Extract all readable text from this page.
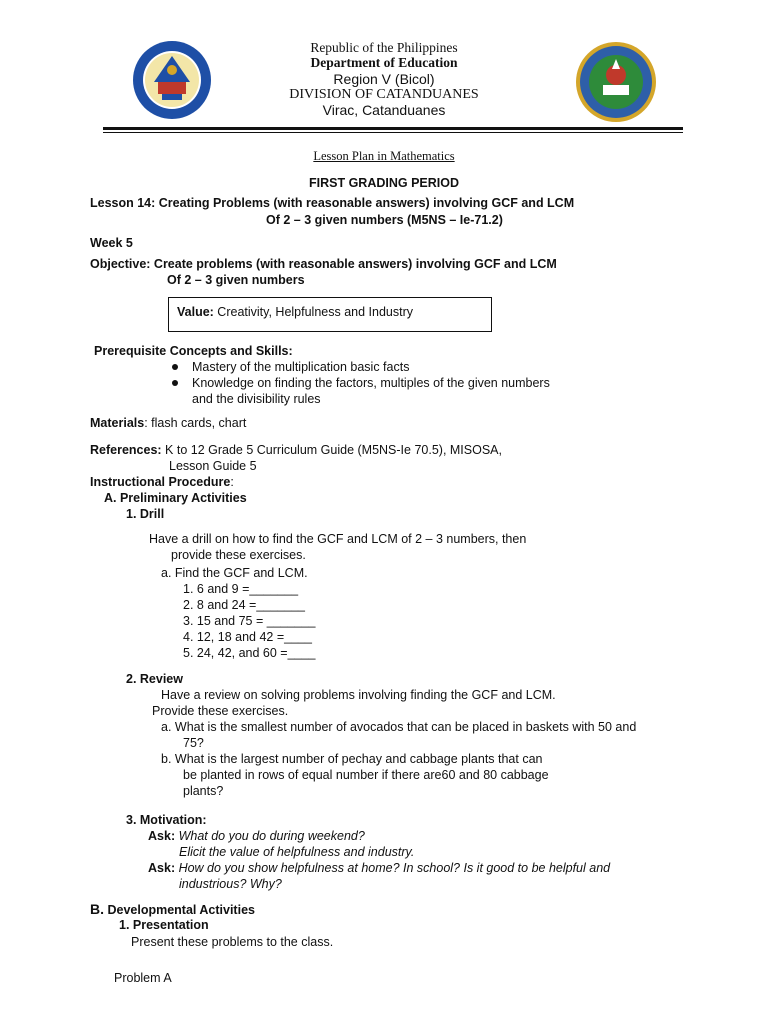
Republic of the Philippines
Department of Education
Region V (Bicol)
DIVISION OF CATANDUANES
Virac, Catanduanes
Lesson Plan in Mathematics
FIRST GRADING PERIOD
Lesson 14: Creating Problems (with reasonable answers) involving GCF and LCM
Of 2 – 3 given numbers (M5NS – Ie-71.2)
Week 5
Objective: Create problems (with reasonable answers) involving GCF and LCM
Of 2 – 3 given numbers
Value: Creativity, Helpfulness and Industry
Prerequisite Concepts and Skills:
Mastery of the multiplication basic facts
Knowledge on finding the factors, multiples of the given numbers
and the divisibility rules
Materials: flash cards, chart
References: K to 12 Grade 5 Curriculum Guide (M5NS-Ie 70.5), MISOSA,
Lesson Guide 5
Instructional Procedure:
A. Preliminary Activities
1. Drill
Have a drill on how to find the GCF and LCM of 2 – 3 numbers, then
provide these exercises.
a. Find the GCF and LCM.
1. 6 and 9 =_______
2. 8 and 24 =_______
3. 15 and 75 = _______
4. 12, 18 and 42 =____
5. 24, 42, and 60 =____
2. Review
Have a review on solving problems involving finding the GCF and LCM.
Provide these exercises.
a. What is the smallest number of avocados that can be placed in baskets with 50 and
75?
b. What is the largest number of pechay and cabbage plants that can
be planted in rows of equal number if there are60 and 80 cabbage
plants?
3. Motivation:
Ask: What do you do during weekend?
Elicit the value of helpfulness and industry.
Ask: How do you show helpfulness at home? In school? Is it good to be helpful and
industrious? Why?
B. Developmental Activities
1. Presentation
Present these problems to the class.
Problem A
